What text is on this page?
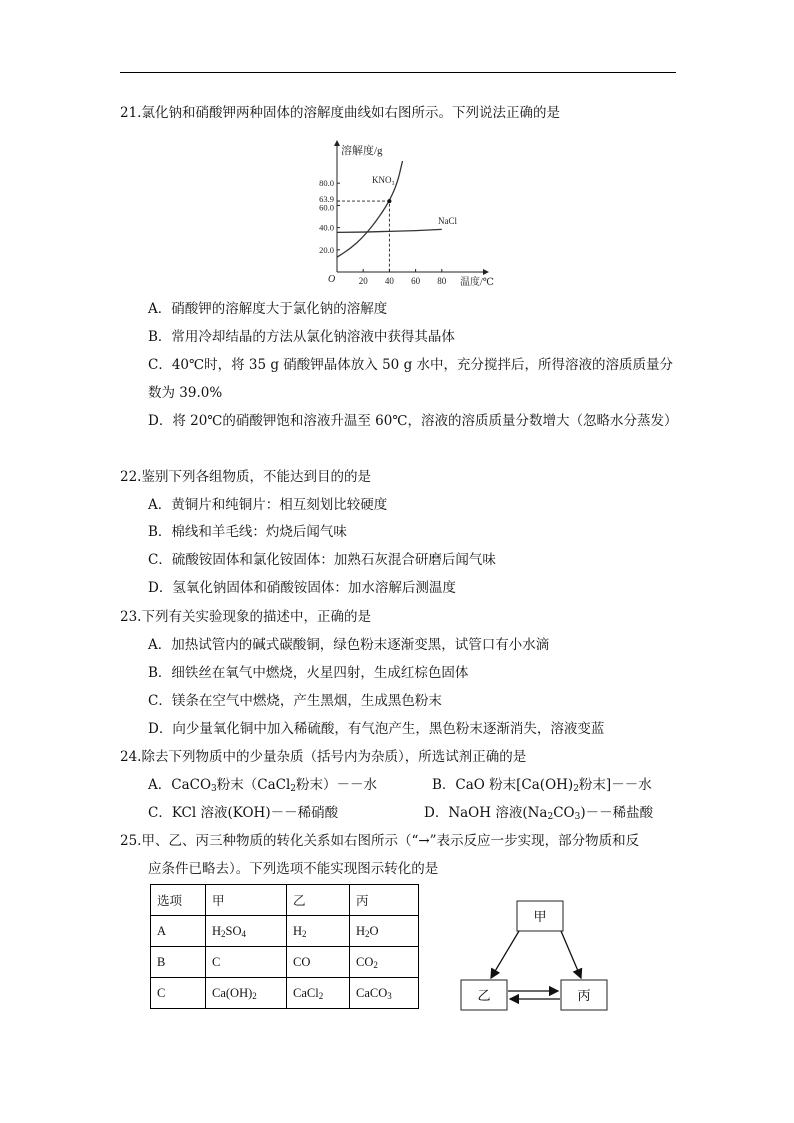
21.氯化钠和硝酸钾两种固体的溶解度曲线如右图所示。下列说法正确的是
溶解度/g
温度/℃
O	20 40 60 80
20.0
40.0
60.0
63.9
80.0	KNO₃
NaCl
A．硝酸钾的溶解度大于氯化钠的溶解度
B．常用冷却结晶的方法从氯化钠溶液中获得其晶体
C．40℃时，将 35 g 硝酸钾晶体放入 50 g 水中，充分搅拌后，所得溶液的溶质质量分
数为 39.0%
D．将 20℃的硝酸钾饱和溶液升温至 60℃，溶液的溶质质量分数增大（忽略水分蒸发）
22.鉴别下列各组物质，不能达到目的的是
A．黄铜片和纯铜片：相互刻划比较硬度
B．棉线和羊毛线：灼烧后闻气味
C．硫酸铵固体和氯化铵固体：加熟石灰混合研磨后闻气味
D．氢氧化钠固体和硝酸铵固体：加水溶解后测温度
23.下列有关实验现象的描述中，正确的是
A．加热试管内的碱式碳酸铜，绿色粉末逐渐变黑，试管口有小水滴
B．细铁丝在氧气中燃烧，火星四射，生成红棕色固体
C．镁条在空气中燃烧，产生黑烟，生成黑色粉末
D．向少量氧化铜中加入稀硫酸，有气泡产生，黑色粉末逐渐消失，溶液变蓝
24.除去下列物质中的少量杂质（括号内为杂质），所选试剂正确的是
A．CaCO$_3$粉末（CaCl$_2$粉末）－－水	B．CaO 粉末[$Ca(OH)_2$粉末]－－水
C．KCl 溶液(KOH)－－稀硝酸	D．NaOH 溶液$(Na_2CO_3)--$稀盐酸
25.甲、乙、丙三种物质的转化关系如右图所示（“→”表示反应一步实现，部分物质和反
应条件已略去）。下列选项不能实现图示转化的是
选项	甲	乙	丙
A	$H_2SO_4$	$H_2$	$H_2O$
B	C	CO	$CO_2$
C	$Ca(OH)_2$	CaCl$_2$	CaCO$_3$
甲
乙	丙
